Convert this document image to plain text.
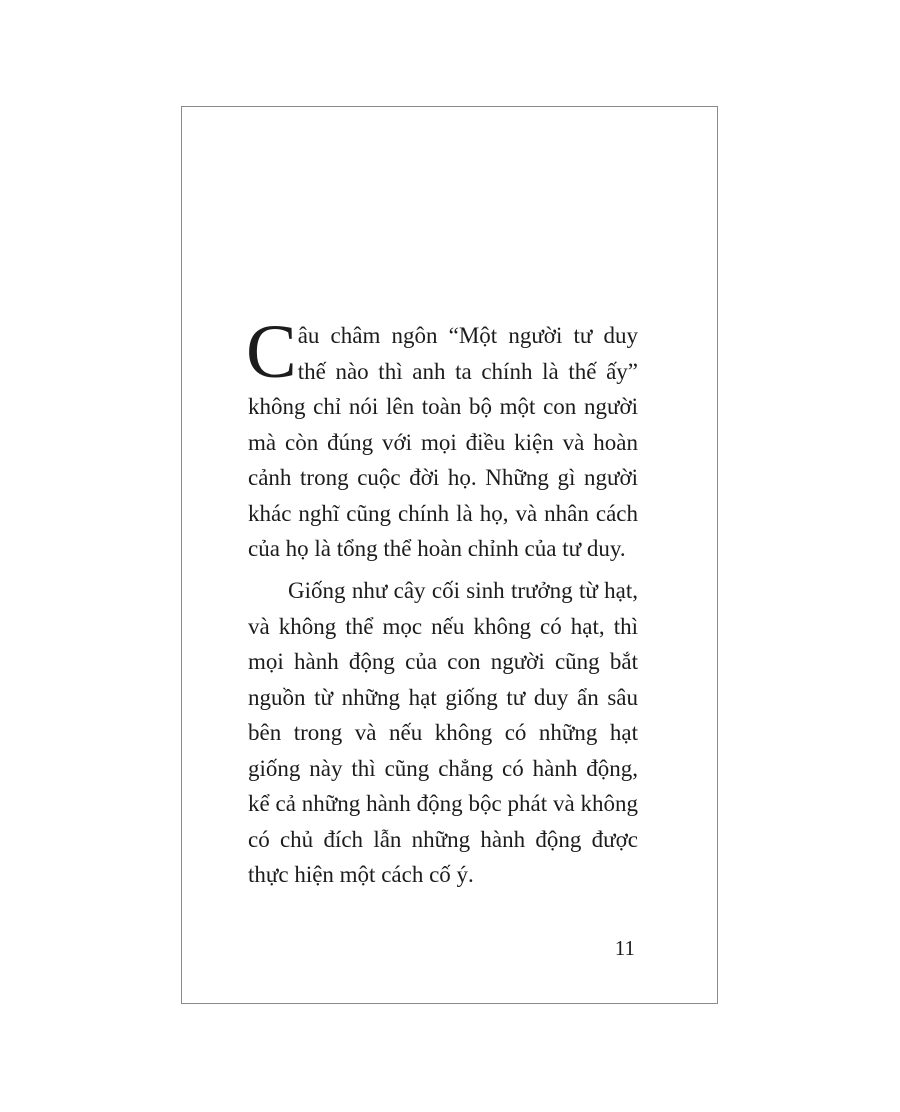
Câu châm ngôn “Một người tư duy thế nào thì anh ta chính là thế ấy” không chỉ nói lên toàn bộ một con người mà còn đúng với mọi điều kiện và hoàn cảnh trong cuộc đời họ. Những gì người khác nghĩ cũng chính là họ, và nhân cách của họ là tổng thể hoàn chỉnh của tư duy.

Giống như cây cối sinh trưởng từ hạt, và không thể mọc nếu không có hạt, thì mọi hành động của con người cũng bắt nguồn từ những hạt giống tư duy ẩn sâu bên trong và nếu không có những hạt giống này thì cũng chẳng có hành động, kể cả những hành động bộc phát và không có chủ đích lẫn những hành động được thực hiện một cách cố ý.

11
